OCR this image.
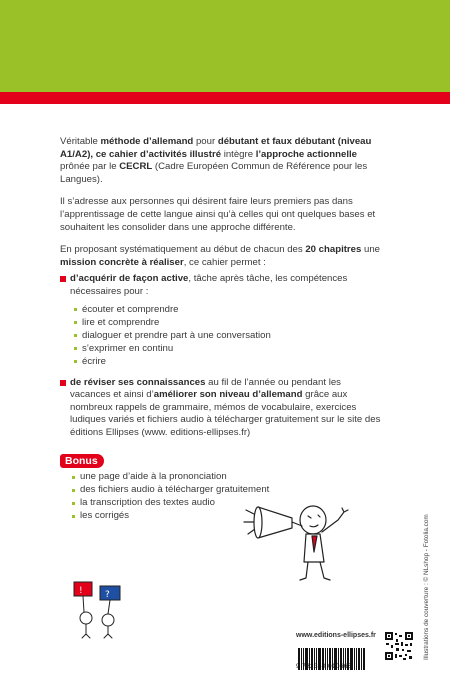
Véritable méthode d’allemand pour débutant et faux débutant (niveau A1/A2), ce cahier d’activités illustré intègre l’approche actionnelle prônée par le CECRL (Cadre Européen Commun de Référence pour les Langues).

Il s’adresse aux personnes qui désirent faire leurs premiers pas dans l’apprentissage de cette langue ainsi qu’à celles qui ont quelques bases et souhaitent les consolider dans une approche différente.

En proposant systématiquement au début de chacun des 20 chapitres une mission concrète à réaliser, ce cahier permet :

d’acquérir de façon active, tâche après tâche, les compétences nécessaires pour :
écouter et comprendre
lire et comprendre
dialoguer et prendre part à une conversation
s’exprimer en continu
écrire
de réviser ses connaissances au fil de l’année ou pendant les vacances et ainsi d’améliorer son niveau d’allemand grâce aux nombreux rappels de grammaire, mémos de vocabulaire, exercices ludiques variés et fichiers audio à télécharger gratuitement sur le site des éditions Ellipses (www. editions-ellipses.fr)
Bonus
une page d’aide à la prononciation
des fichiers audio à télécharger gratuitement
la transcription des textes audio
les corrigés
! ?	Illustrations de couverture : © NLshop - Fotolia.com
www.editions-ellipses.fr
9 782340 010666
